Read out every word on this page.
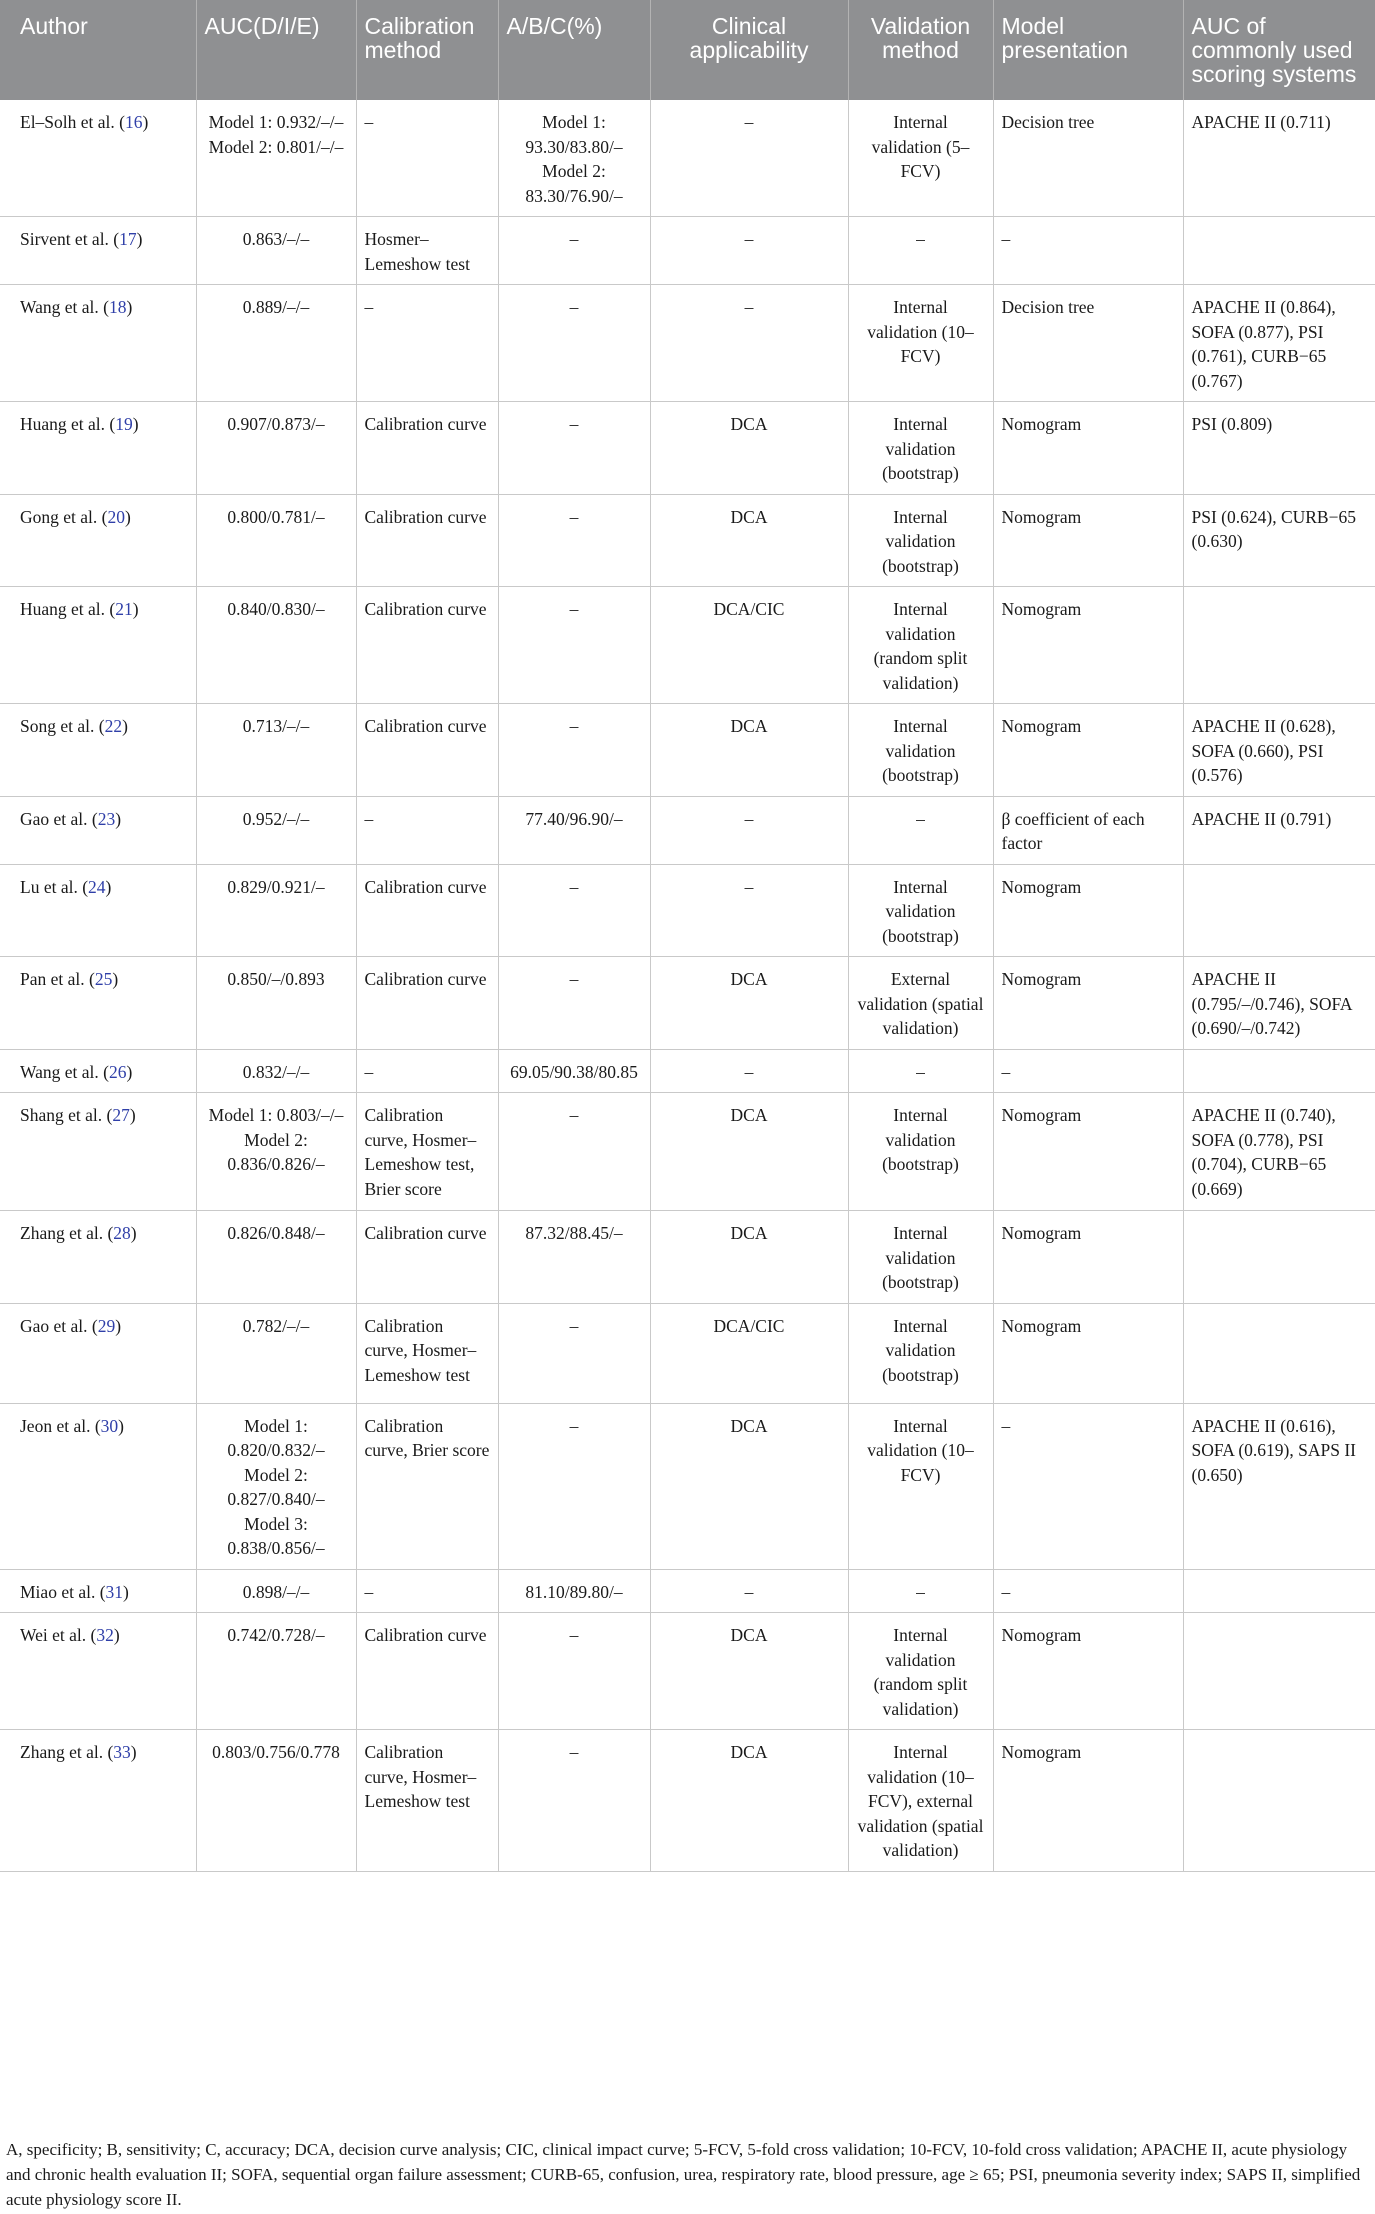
Author	AUC(D/I/E)	Calibration method	A/B/C(%)	Clinical applicability	Validation method	Model presentation	AUC of commonly used scoring systems
El–Solh et al. (16)	Model 1: 0.932/–/– Model 2: 0.801/–/–	–	Model 1: 93.30/83.80/– Model 2: 83.30/76.90/–	–	Internal validation (5–FCV)	Decision tree	APACHE II (0.711)
Sirvent et al. (17)	0.863/–/–	Hosmer–Lemeshow test	–	–	–	–	
Wang et al. (18)	0.889/–/–	–	–	–	Internal validation (10–FCV)	Decision tree	APACHE II (0.864), SOFA (0.877), PSI (0.761), CURB−65 (0.767)
Huang et al. (19)	0.907/0.873/–	Calibration curve	–	DCA	Internal validation (bootstrap)	Nomogram	PSI (0.809)
Gong et al. (20)	0.800/0.781/–	Calibration curve	–	DCA	Internal validation (bootstrap)	Nomogram	PSI (0.624), CURB−65 (0.630)
Huang et al. (21)	0.840/0.830/–	Calibration curve	–	DCA/CIC	Internal validation (random split validation)	Nomogram	
Song et al. (22)	0.713/–/–	Calibration curve	–	DCA	Internal validation (bootstrap)	Nomogram	APACHE II (0.628), SOFA (0.660), PSI (0.576)
Gao et al. (23)	0.952/–/–	–	77.40/96.90/–	–	–	β coefficient of each factor	APACHE II (0.791)
Lu et al. (24)	0.829/0.921/–	Calibration curve	–	–	Internal validation (bootstrap)	Nomogram	
Pan et al. (25)	0.850/–/0.893	Calibration curve	–	DCA	External validation (spatial validation)	Nomogram	APACHE II (0.795/–/0.746), SOFA (0.690/–/0.742)
Wang et al. (26)	0.832/–/–	–	69.05/90.38/80.85	–	–	–	
Shang et al. (27)	Model 1: 0.803/–/– Model 2: 0.836/0.826/–	Calibration curve, Hosmer–Lemeshow test, Brier score	–	DCA	Internal validation (bootstrap)	Nomogram	APACHE II (0.740), SOFA (0.778), PSI (0.704), CURB−65 (0.669)
Zhang et al. (28)	0.826/0.848/–	Calibration curve	87.32/88.45/–	DCA	Internal validation (bootstrap)	Nomogram	
Gao et al. (29)	0.782/–/–	Calibration curve, Hosmer–Lemeshow test	–	DCA/CIC	Internal validation (bootstrap)	Nomogram	
Jeon et al. (30)	Model 1: 0.820/0.832/– Model 2: 0.827/0.840/– Model 3: 0.838/0.856/–	Calibration curve, Brier score	–	DCA	Internal validation (10–FCV)	–	APACHE II (0.616), SOFA (0.619), SAPS II (0.650)
Miao et al. (31)	0.898/–/–	–	81.10/89.80/–	–	–	–	
Wei et al. (32)	0.742/0.728/–	Calibration curve	–	DCA	Internal validation (random split validation)	Nomogram	
Zhang et al. (33)	0.803/0.756/0.778	Calibration curve, Hosmer–Lemeshow test	–	DCA	Internal validation (10–FCV), external validation (spatial validation)	Nomogram	
A, specificity; B, sensitivity; C, accuracy; DCA, decision curve analysis; CIC, clinical impact curve; 5-FCV, 5-fold cross validation; 10-FCV, 10-fold cross validation; APACHE II, acute physiology and chronic health evaluation II; SOFA, sequential organ failure assessment; CURB-65, confusion, urea, respiratory rate, blood pressure, age ≥ 65; PSI, pneumonia severity index; SAPS II, simplified acute physiology score II.
